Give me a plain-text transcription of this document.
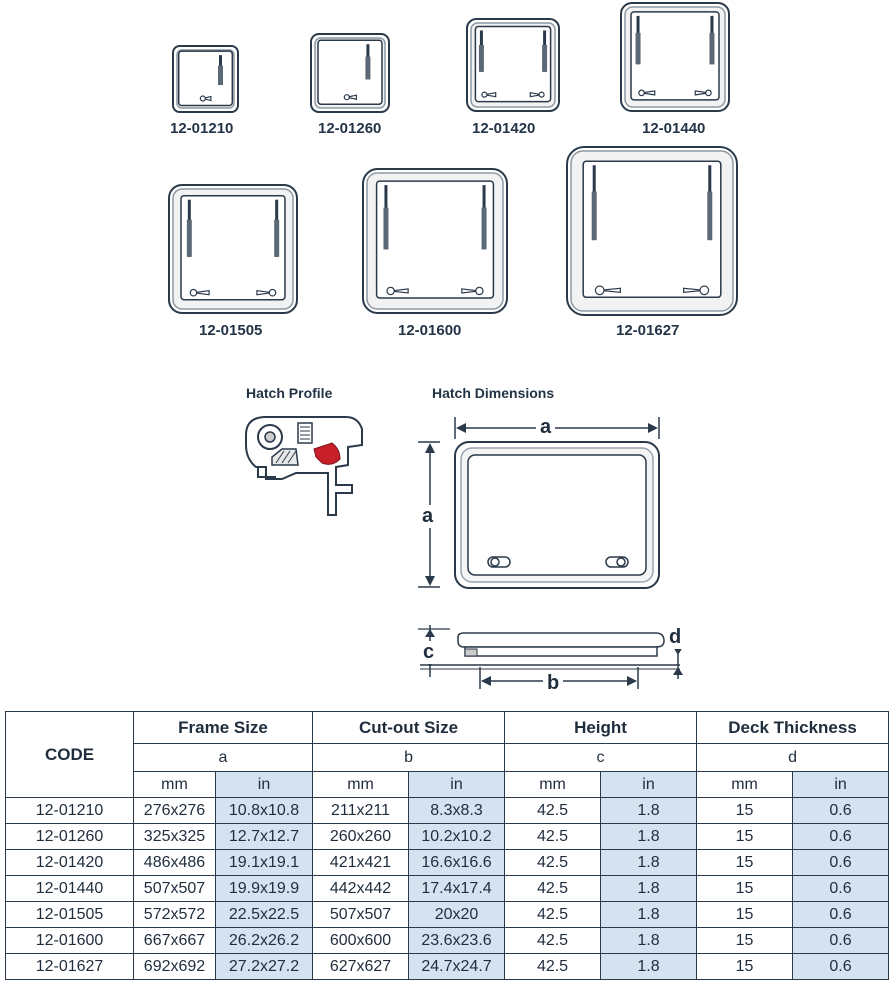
12-01210	12-01260	12-01420	12-01440
12-01505	12-01600	12-01627
Hatch Profile	Hatch Dimensions
a
a
c
d
b
CODE	Frame Size		Cut-out Size		Height		Deck Thickness	
	a		b		c		d	
	mm	in	mm	in	mm	in	mm	in
12-01210	276x276	10.8x10.8	211x211	8.3x8.3	42.5	1.8	15	0.6
12-01260	325x325	12.7x12.7	260x260	10.2x10.2	42.5	1.8	15	0.6
12-01420	486x486	19.1x19.1	421x421	16.6x16.6	42.5	1.8	15	0.6
12-01440	507x507	19.9x19.9	442x442	17.4x17.4	42.5	1.8	15	0.6
12-01505	572x572	22.5x22.5	507x507	20x20	42.5	1.8	15	0.6
12-01600	667x667	26.2x26.2	600x600	23.6x23.6	42.5	1.8	15	0.6
12-01627	692x692	27.2x27.2	627x627	24.7x24.7	42.5	1.8	15	0.6
